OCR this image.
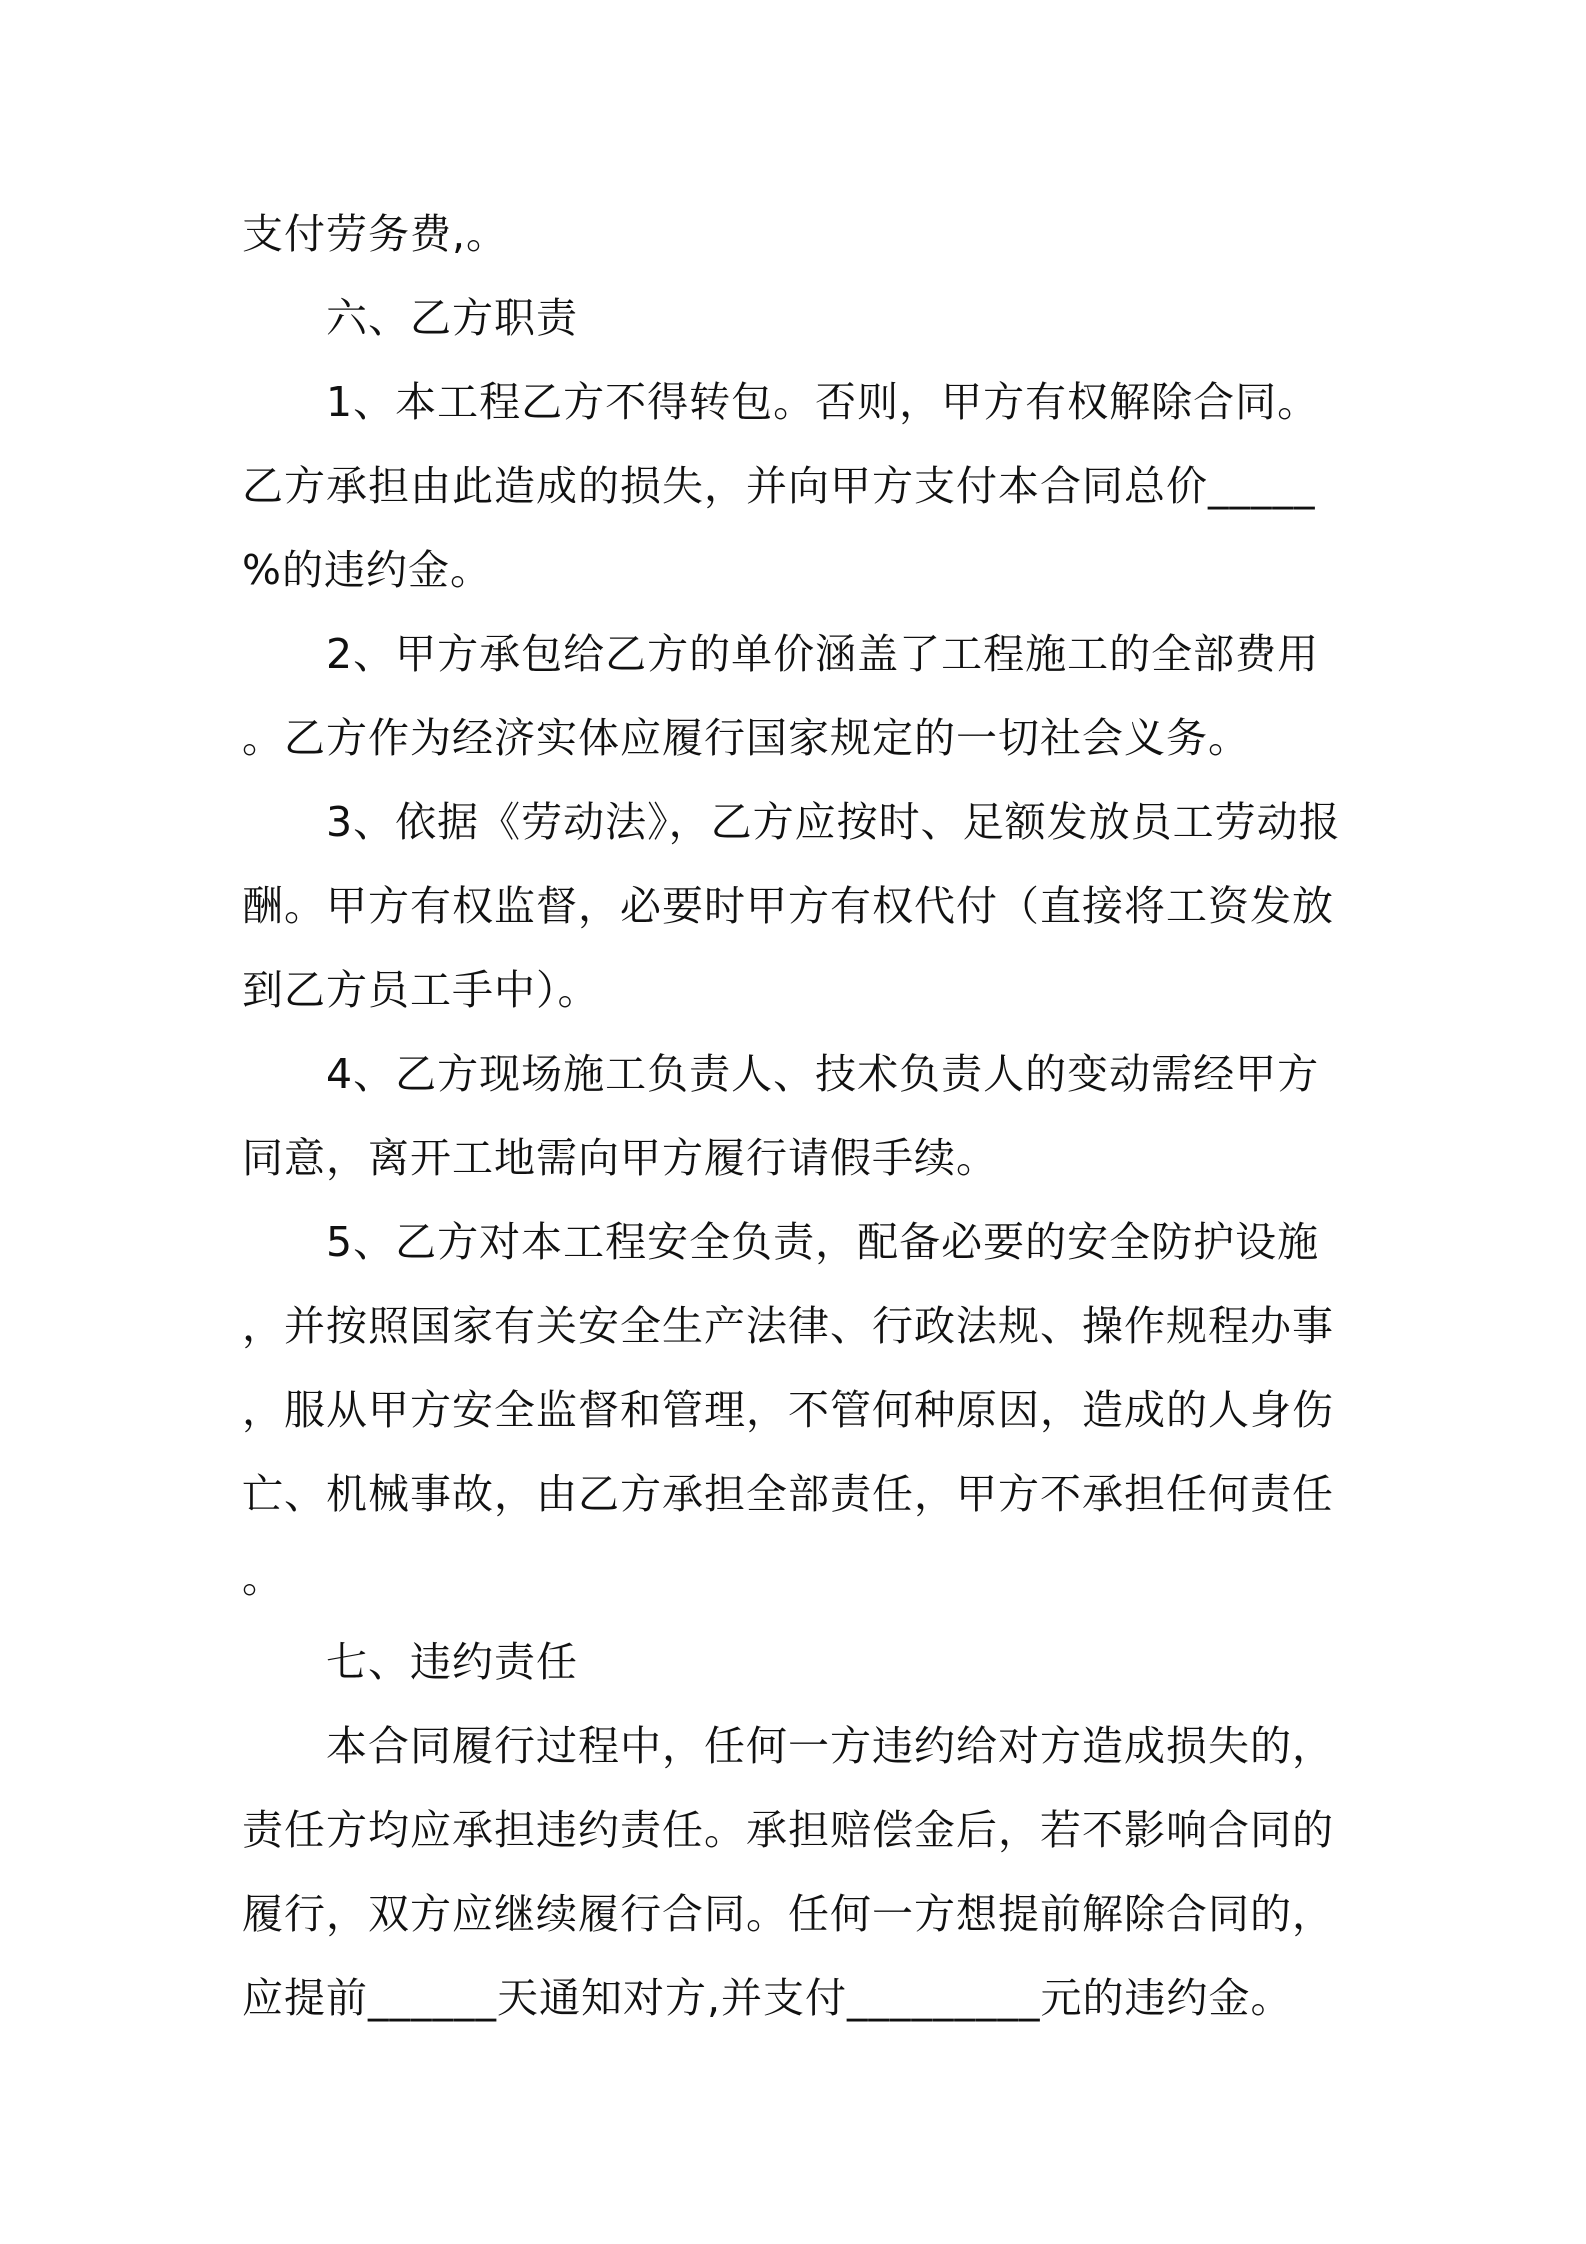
支付劳务费,。
六、乙方职责
1、本工程乙方不得转包。否则，甲方有权解除合同。
乙方承担由此造成的损失，并向甲方支付本合同总价_____
%的违约金。
2、甲方承包给乙方的单价涵盖了工程施工的全部费用
。乙方作为经济实体应履行国家规定的一切社会义务。
3、依据《劳动法》，乙方应按时、足额发放员工劳动报
酬。甲方有权监督，必要时甲方有权代付（直接将工资发放
到乙方员工手中）。
4、乙方现场施工负责人、技术负责人的变动需经甲方
同意，离开工地需向甲方履行请假手续。
5、乙方对本工程安全负责，配备必要的安全防护设施
，并按照国家有关安全生产法律、行政法规、操作规程办事
，服从甲方安全监督和管理，不管何种原因，造成的人身伤
亡、机械事故，由乙方承担全部责任，甲方不承担任何责任
。
七、违约责任
本合同履行过程中，任何一方违约给对方造成损失的，
责任方均应承担违约责任。承担赔偿金后，若不影响合同的
履行，双方应继续履行合同。任何一方想提前解除合同的，
应提前______天通知对方,并支付_________元的违约金。
